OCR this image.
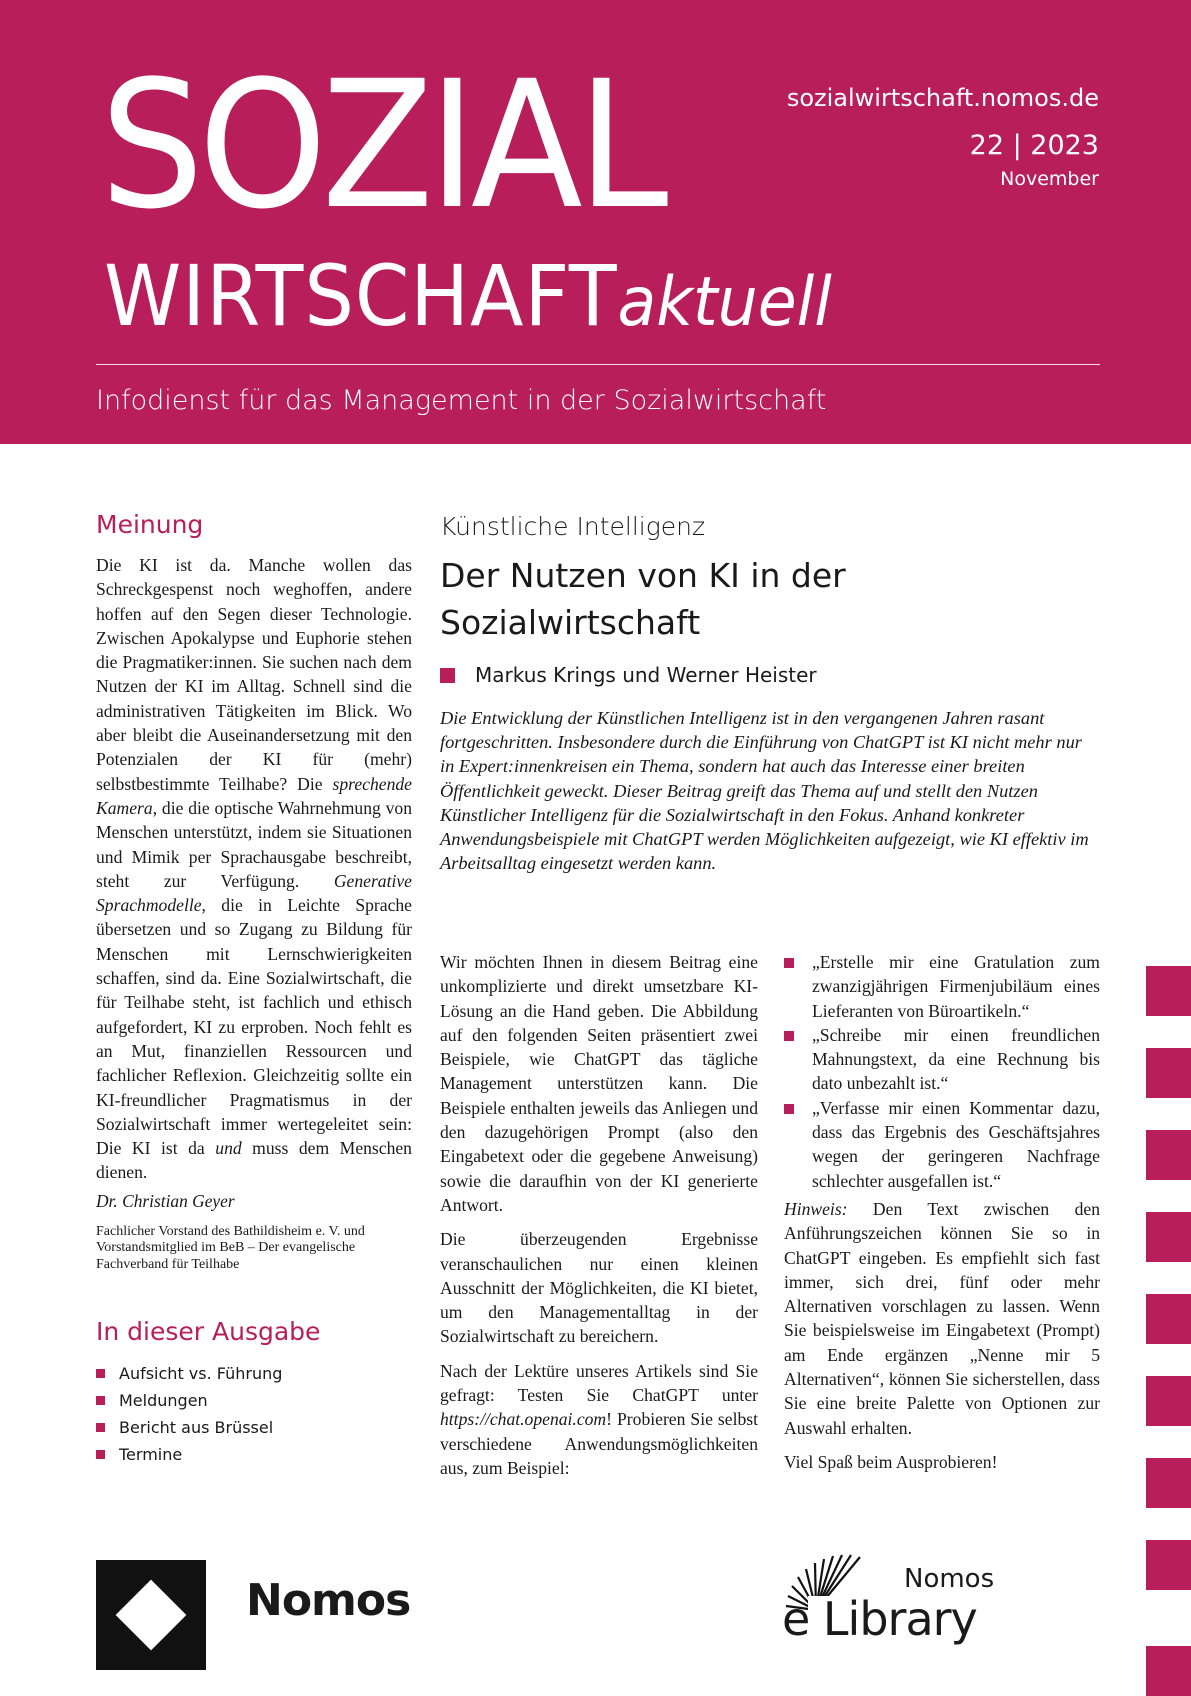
SOZIAL
WIRTSCHAFTaktuell
sozialwirtschaft.nomos.de
22 | 2023
November
Infodienst für das Management in der Sozialwirtschaft
Meinung
Die KI ist da. Manche wollen das Schreckgespenst noch weghoffen, andere hoffen auf den Segen dieser Technologie. Zwischen Apokalypse und Euphorie stehen die Pragmatiker:innen. Sie suchen nach dem Nutzen der KI im Alltag. Schnell sind die administrativen Tätigkeiten im Blick. Wo aber bleibt die Auseinandersetzung mit den Potenzialen der KI für (mehr) selbstbestimmte Teilhabe? Die sprechende Kamera, die die optische Wahrnehmung von Menschen unterstützt, indem sie Situationen und Mimik per Sprachausgabe beschreibt, steht zur Verfügung. Generative Sprachmodelle, die in Leichte Sprache übersetzen und so Zugang zu Bildung für Menschen mit Lernschwierigkeiten schaffen, sind da. Eine Sozialwirtschaft, die für Teilhabe steht, ist fachlich und ethisch aufgefordert, KI zu erproben. Noch fehlt es an Mut, finanziellen Ressourcen und fachlicher Reflexion. Gleichzeitig sollte ein KI-freundlicher Pragmatismus in der Sozialwirtschaft immer wertegeleitet sein: Die KI ist da und muss dem Menschen dienen.
Dr. Christian Geyer
Fachlicher Vorstand des Bathildisheim e. V. und Vorstandsmitglied im BeB – Der evangelische Fachverband für Teilhabe
In dieser Ausgabe
Aufsicht vs. Führung
Meldungen
Bericht aus Brüssel
Termine
Künstliche Intelligenz
Der Nutzen von KI in der
Sozialwirtschaft
Markus Krings und Werner Heister
Die Entwicklung der Künstlichen Intelligenz ist in den vergangenen Jahren rasant fortgeschritten. Insbesondere durch die Einführung von ChatGPT ist KI nicht mehr nur in Expert:innenkreisen ein Thema, sondern hat auch das Interesse einer breiten Öffentlichkeit geweckt. Dieser Beitrag greift das Thema auf und stellt den Nutzen Künstlicher Intelligenz für die Sozialwirtschaft in den Fokus. Anhand konkreter Anwendungsbeispiele mit ChatGPT werden Möglichkeiten aufgezeigt, wie KI effektiv im Arbeitsalltag eingesetzt werden kann.

Wir möchten Ihnen in diesem Beitrag eine unkomplizierte und direkt umsetzbare KI-Lösung an die Hand geben. Die Abbildung auf den folgenden Seiten präsentiert zwei Beispiele, wie ChatGPT das tägliche Management unterstützen kann. Die Beispiele enthalten jeweils das Anliegen und den dazugehörigen Prompt (also den Eingabetext oder die gegebene Anweisung) sowie die daraufhin von der KI generierte Antwort.

Die überzeugenden Ergebnisse veranschaulichen nur einen kleinen Ausschnitt der Möglichkeiten, die KI bietet, um den Managementalltag in der Sozialwirtschaft zu bereichern.

Nach der Lektüre unseres Artikels sind Sie gefragt: Testen Sie ChatGPT unter https://chat.openai.com! Probieren Sie selbst verschiedene Anwendungsmöglichkeiten aus, zum Beispiel:

„Erstelle mir eine Gratulation zum zwanzigjährigen Firmenjubiläum eines Lieferanten von Büroartikeln.“
„Schreibe mir einen freundlichen Mahnungstext, da eine Rechnung bis dato unbezahlt ist.“
„Verfasse mir einen Kommentar dazu, dass das Ergebnis des Geschäftsjahres wegen der geringeren Nachfrage schlechter ausgefallen ist.“

Hinweis: Den Text zwischen den Anführungszeichen können Sie so in ChatGPT eingeben. Es empfiehlt sich fast immer, sich drei, fünf oder mehr Alternativen vorschlagen zu lassen. Wenn Sie beispielsweise im Eingabetext (Prompt) am Ende ergänzen „Nenne mir 5 Alternativen“, können Sie sicherstellen, dass Sie eine breite Palette von Optionen zur Auswahl erhalten.

Viel Spaß beim Ausprobieren!

Nomos	Nomos
e Library
